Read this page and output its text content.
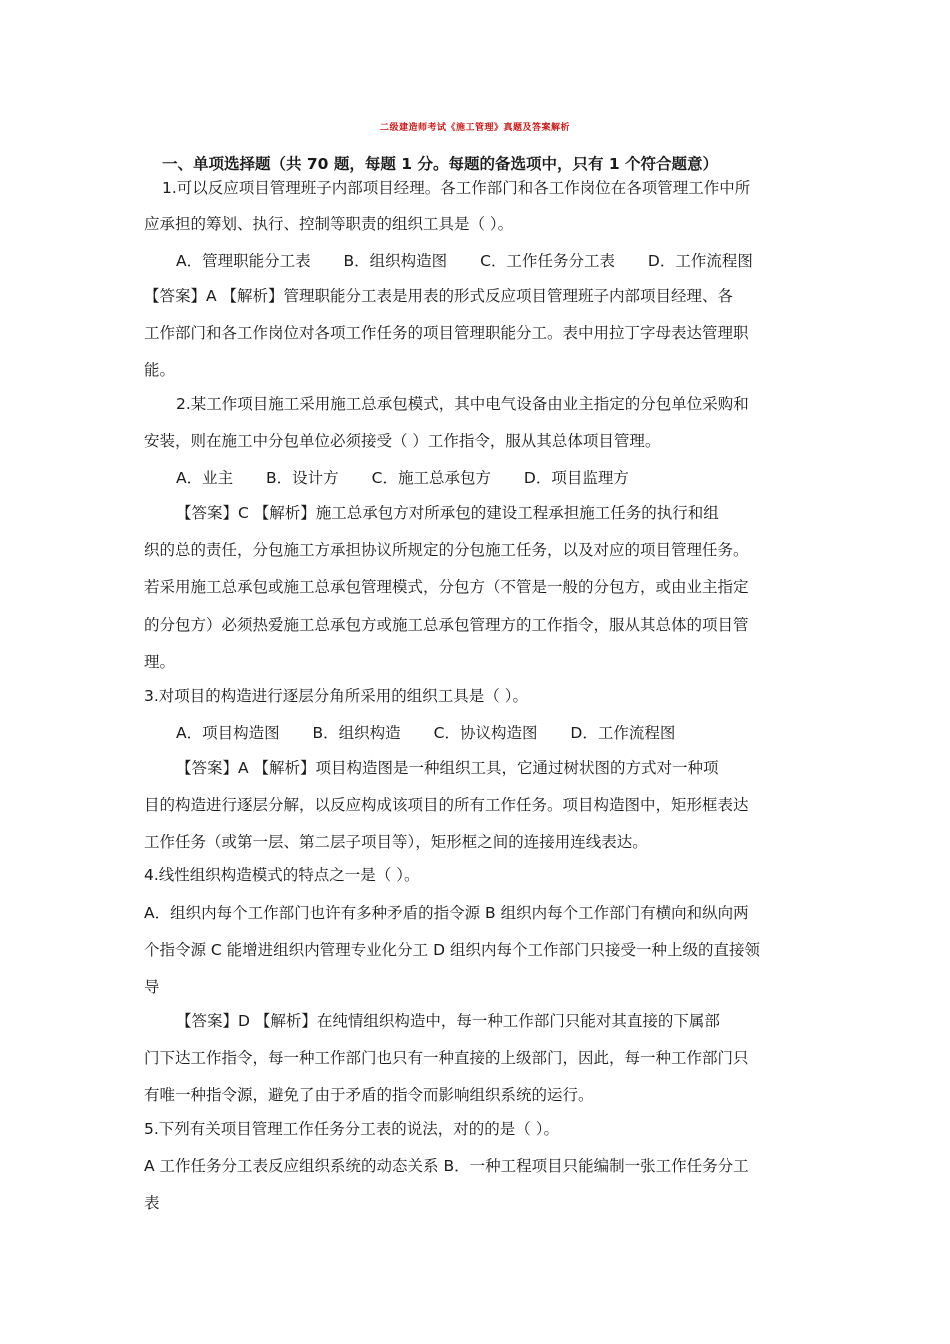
二级建造师考试《施工管理》真题及答案解析
一、单项选择题（共 70 题，每题 1 分。每题的备选项中，只有 1 个符合题意）
1.可以反应项目管理班子内部项目经理。各工作部门和各工作岗位在各项管理工作中所
应承担的筹划、执行、控制等职责的组织工具是（ ）。
A．管理职能分工表 B．组织构造图 C．工作任务分工表 D．工作流程图
【答案】A 【解析】管理职能分工表是用表的形式反应项目管理班子内部项目经理、各
工作部门和各工作岗位对各项工作任务的项目管理职能分工。表中用拉丁字母表达管理职
能。
2.某工作项目施工采用施工总承包模式，其中电气设备由业主指定的分包单位采购和
安装，则在施工中分包单位必须接受（ ）工作指令，服从其总体项目管理。
A．业主 B．设计方 C．施工总承包方 D．项目监理方
【答案】C 【解析】施工总承包方对所承包的建设工程承担施工任务的执行和组
织的总的责任，分包施工方承担协议所规定的分包施工任务，以及对应的项目管理任务。
若采用施工总承包或施工总承包管理模式，分包方（不管是一般的分包方，或由业主指定
的分包方）必须热爱施工总承包方或施工总承包管理方的工作指令，服从其总体的项目管
理。
3.对项目的构造进行逐层分角所采用的组织工具是（ ）。
A．项目构造图 B．组织构造 C．协议构造图 D．工作流程图
【答案】A 【解析】项目构造图是一种组织工具，它通过树状图的方式对一种项
目的构造进行逐层分解，以反应构成该项目的所有工作任务。项目构造图中，矩形框表达
工作任务（或第一层、第二层子项目等），矩形框之间的连接用连线表达。
4.线性组织构造模式的特点之一是（ ）。
A．组织内每个工作部门也许有多种矛盾的指令源 B 组织内每个工作部门有横向和纵向两
个指令源 C 能增进组织内管理专业化分工 D 组织内每个工作部门只接受一种上级的直接领
导
【答案】D 【解析】在纯情组织构造中，每一种工作部门只能对其直接的下属部
门下达工作指令，每一种工作部门也只有一种直接的上级部门，因此，每一种工作部门只
有唯一种指令源，避免了由于矛盾的指令而影响组织系统的运行。
5.下列有关项目管理工作任务分工表的说法，对的的是（ ）。
A 工作任务分工表反应组织系统的动态关系 B．一种工程项目只能编制一张工作任务分工
表
